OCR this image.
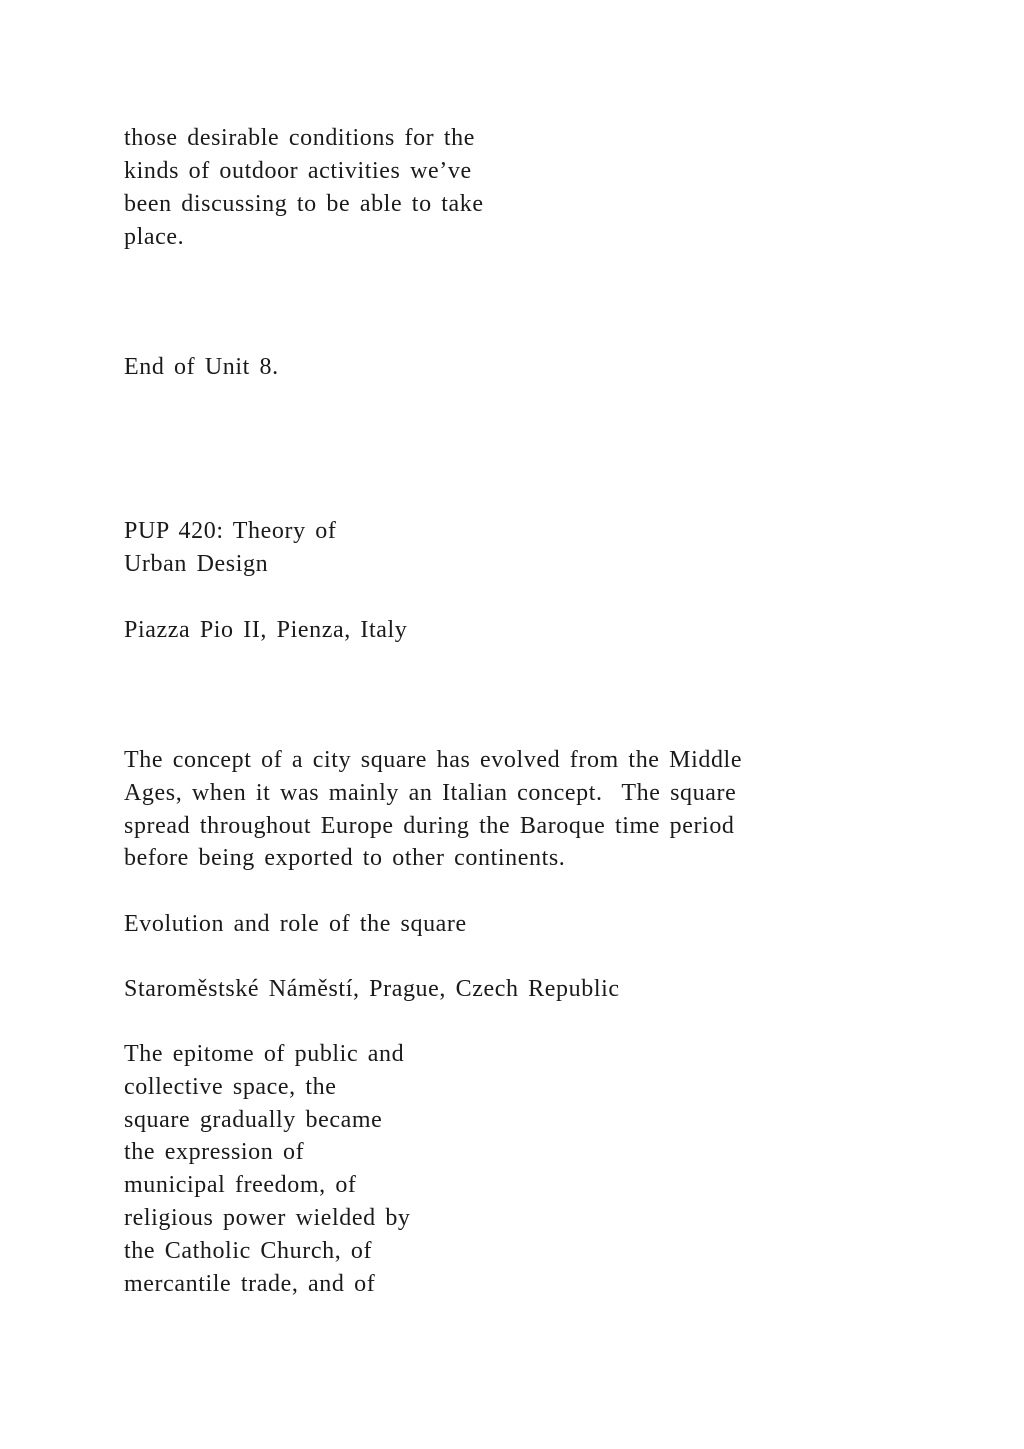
those desirable conditions for the

kinds of outdoor activities we’ve

been discussing to be able to take

place.

End of Unit 8.

PUP 420: Theory of

Urban Design

Piazza Pio II, Pienza, Italy

The concept of a city square has evolved from the Middle

Ages, when it was mainly an Italian concept.  The square

spread throughout Europe during the Baroque time period

before being exported to other continents.

Evolution and role of the square

Staroměstské Náměstí, Prague, Czech Republic

The epitome of public and

collective space, the

square gradually became

the expression of

municipal freedom, of

religious power wielded by

the Catholic Church, of

mercantile trade, and of
